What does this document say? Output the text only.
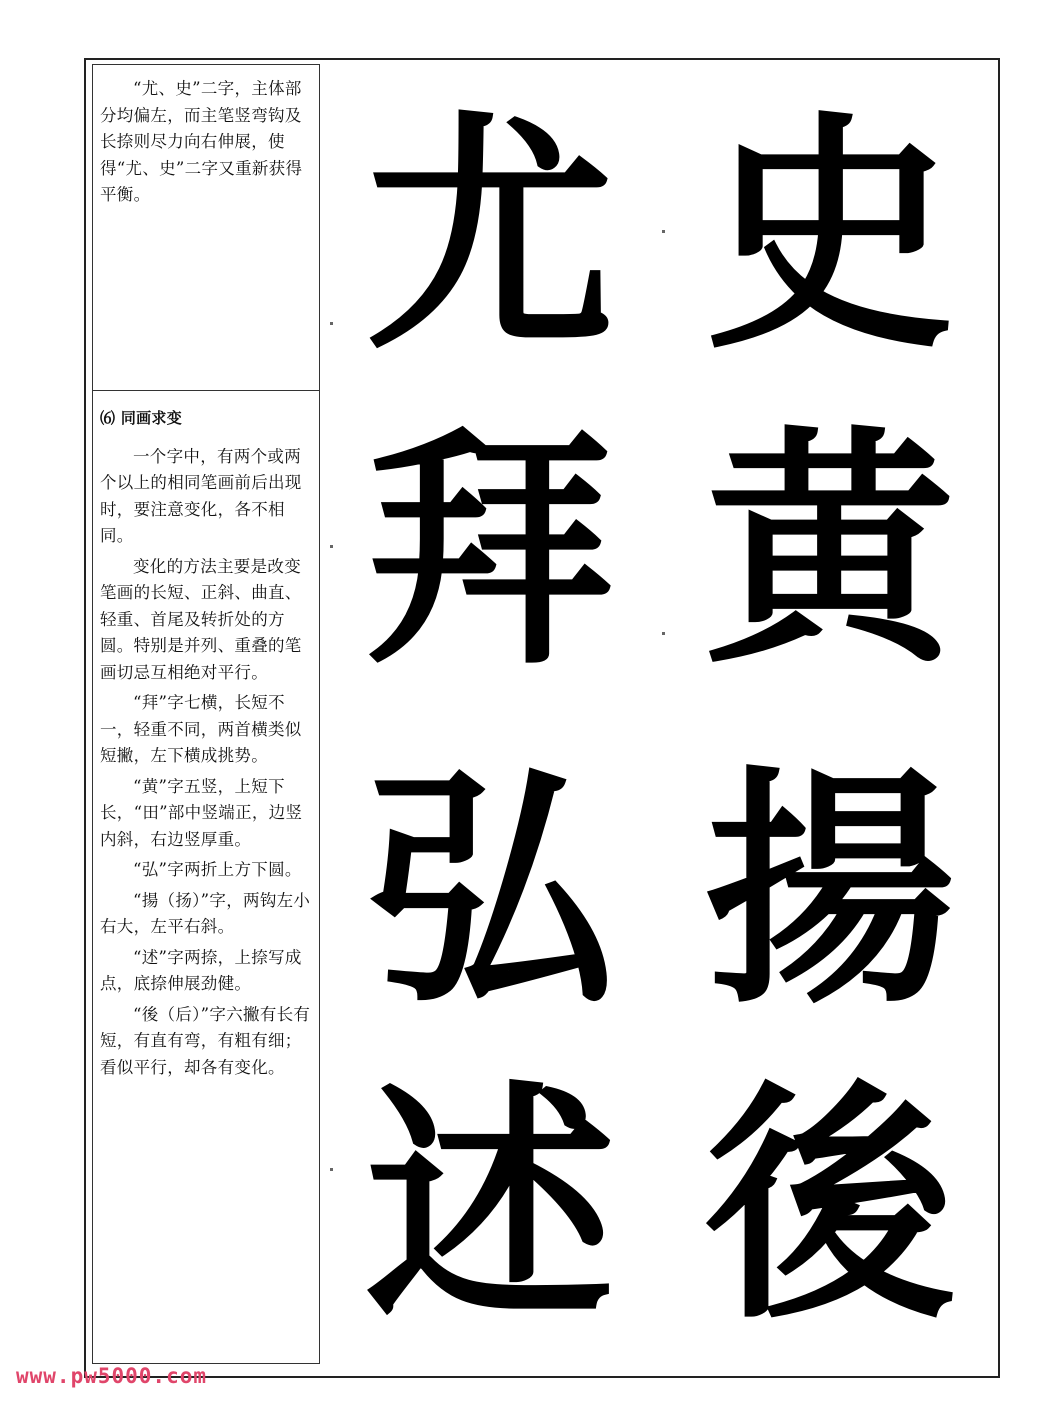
“尤、史”二字，主体部分均偏左，而主笔竖弯钩及长捺则尽力向右伸展，使得“尤、史”二字又重新获得平衡。

⑹ 同画求变

一个字中，有两个或两个以上的相同笔画前后出现时，要注意变化，各不相同。

变化的方法主要是改变笔画的长短、正斜、曲直、轻重、首尾及转折处的方圆。特别是并列、重叠的笔画切忌互相绝对平行。

“拜”字七横，长短不一，轻重不同，两首横类似短撇，左下横成挑势。

“黄”字五竖，上短下长，“田”部中竖端正，边竖内斜，右边竖厚重。

“弘”字两折上方下圆。

“揚（扬）”字，两钩左小右大，左平右斜。

“述”字两捺，上捺写成点，底捺伸展劲健。

“後（后）”字六撇有长有短，有直有弯，有粗有细；看似平行，却各有变化。

尤
拜
弘
述
史
黄
揚
後
www.pw5000.com
